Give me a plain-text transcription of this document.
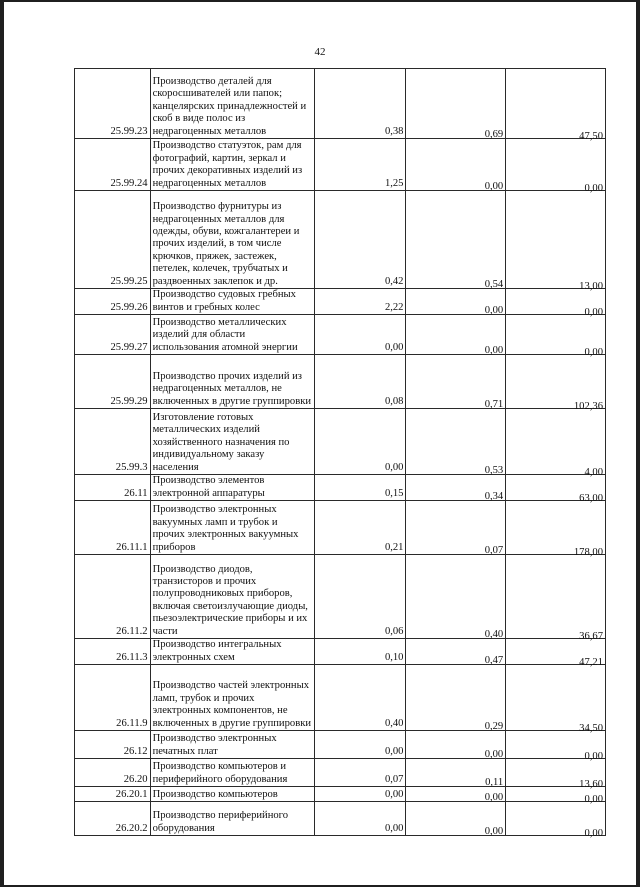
42
25.99.23	Производство деталей для скоросшивателей или папок; канцелярских принадлежностей и скоб в виде полос из недрагоценных металлов	0,38	0,69	47,50
25.99.24	Производство статуэток, рам для фотографий, картин, зеркал и прочих декоративных изделий из недрагоценных металлов	1,25	0,00	0,00
25.99.25	Производство фурнитуры из недрагоценных металлов для одежды, обуви, кожгалантереи и прочих изделий, в том числе крючков, пряжек, застежек, петелек, колечек, трубчатых и раздвоенных заклепок и др.	0,42	0,54	13,00
25.99.26	Производство судовых гребных винтов и гребных колес	2,22	0,00	0,00
25.99.27	Производство металлических изделий для области использования атомной энергии	0,00	0,00	0,00
25.99.29	Производство прочих изделий из недрагоценных металлов, не включенных в другие группировки	0,08	0,71	102,36
25.99.3	Изготовление готовых металлических изделий хозяйственного назначения по индивидуальному заказу населения	0,00	0,53	4,00
26.11	Производство элементов электронной аппаратуры	0,15	0,34	63,00
26.11.1	Производство электронных вакуумных ламп и трубок и прочих электронных вакуумных приборов	0,21	0,07	178,00
26.11.2	Производство диодов, транзисторов и прочих полупроводниковых приборов, включая светоизлучающие диоды, пьезоэлектрические приборы и их части	0,06	0,40	36,67
26.11.3	Производство интегральных электронных схем	0,10	0,47	47,21
26.11.9	Производство частей электронных ламп, трубок и прочих электронных компонентов, не включенных в другие группировки	0,40	0,29	34,50
26.12	Производство электронных печатных плат	0,00	0,00	0,00
26.20	Производство компьютеров и периферийного оборудования	0,07	0,11	13,60
26.20.1	Производство компьютеров	0,00	0,00	0,00
26.20.2	Производство периферийного оборудования	0,00	0,00	0,00
